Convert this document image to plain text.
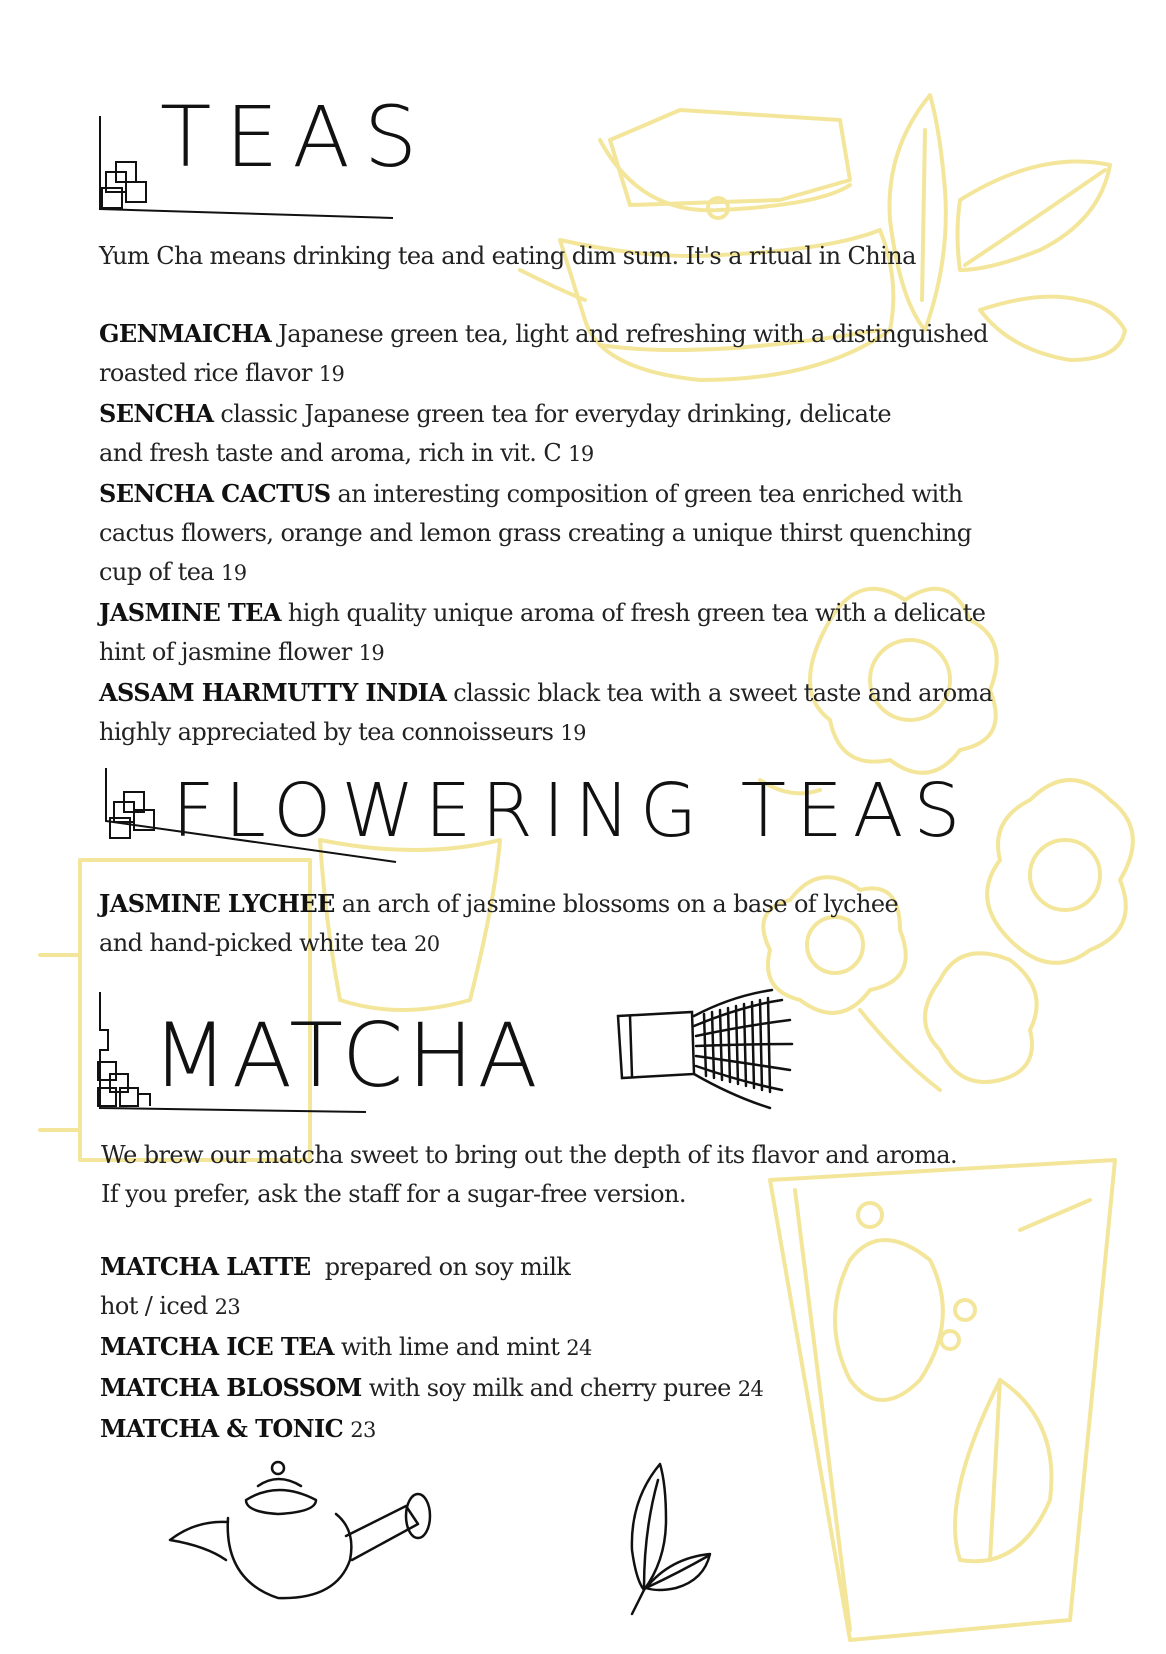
TEAS

Yum Cha means drinking tea and eating dim sum. It's a ritual in China

GENMAICHA Japanese green tea, light and refreshing with a distinguished
roasted rice flavor 19

SENCHA classic Japanese green tea for everyday drinking, delicate
and fresh taste and aroma, rich in vit. C 19

SENCHA CACTUS an interesting composition of green tea enriched with
cactus flowers, orange and lemon grass creating a unique thirst quenching
cup of tea 19

JASMINE TEA high quality unique aroma of fresh green tea with a delicate
hint of jasmine flower 19

ASSAM HARMUTTY INDIA classic black tea with a sweet taste and aroma
highly appreciated by tea connoisseurs 19

FLOWERING TEAS

JASMINE LYCHEE an arch of jasmine blossoms on a base of lychee
and hand-picked white tea 20

MATCHA
We brew our matcha sweet to bring out the depth of its flavor and aroma.
If you prefer, ask the staff for a sugar-free version.

MATCHA LATTE  prepared on soy milk
hot / iced 23

MATCHA ICE TEA with lime and mint 24

MATCHA BLOSSOM with soy milk and cherry puree 24

MATCHA & TONIC 23
